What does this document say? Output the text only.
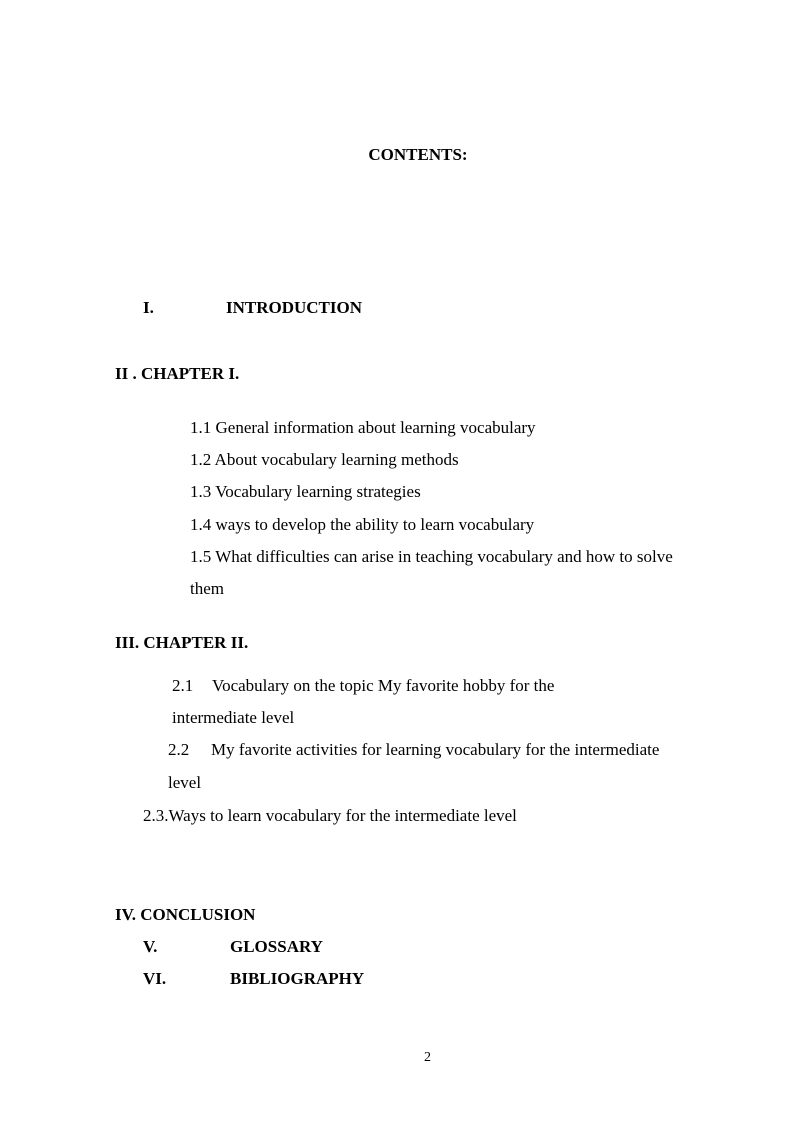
CONTENTS:
I.	INTRODUCTION
II . CHAPTER I.
1.1 General information about learning vocabulary
1.2 About vocabulary learning methods
1.3 Vocabulary learning strategies
1.4 ways to develop the ability to learn vocabulary
1.5 What difficulties can arise in teaching vocabulary and how to solve
them
III. CHAPTER II.
2.1 Vocabulary on the topic My favorite hobby for the
intermediate level
2.2 My favorite activities for learning vocabulary for the intermediate
level
2.3.Ways to learn vocabulary for the intermediate level
IV. CONCLUSION
V.	GLOSSARY
VI.	BIBLIOGRAPHY
2
